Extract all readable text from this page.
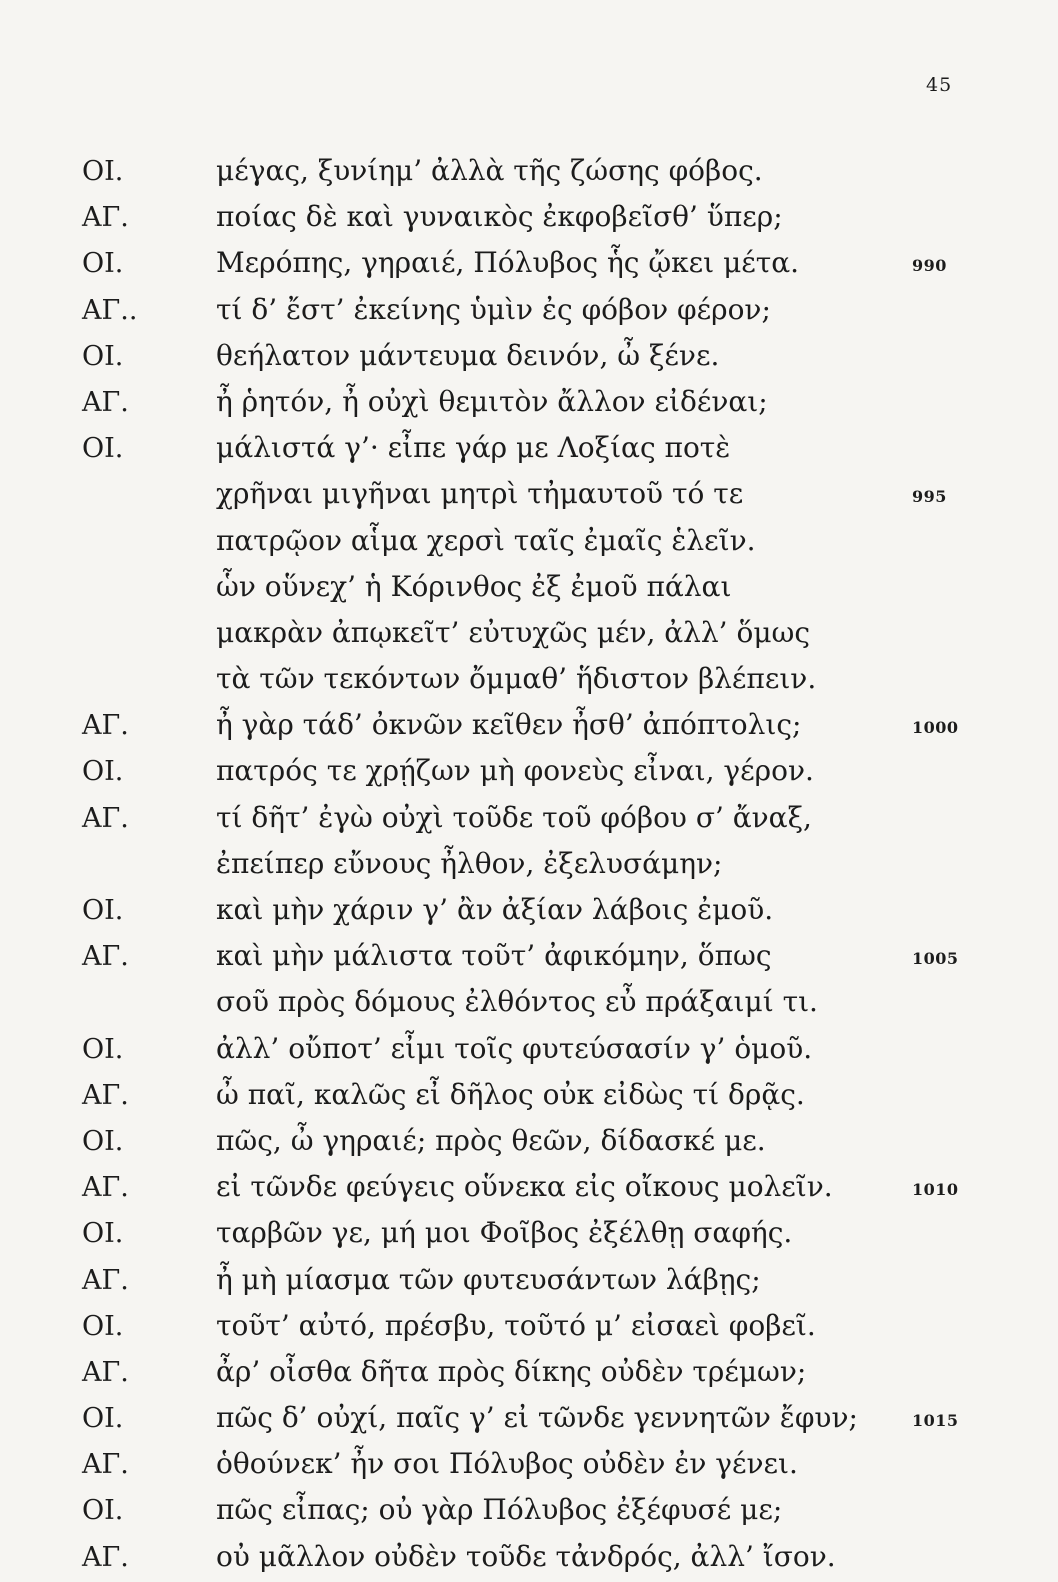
45
ΟΙ.	μέγας, ξυνίημ’ ἀλλὰ τῆς ζώσης φόβος.
ΑΓ.	ποίας δὲ καὶ γυναικὸς ἐκφοβεῖσθ’ ὕπερ;
ΟΙ.	Μερόπης, γηραιέ, Πόλυβος ἧς ᾤκει μέτα.	990
ΑΓ..	τί δ’ ἔστ’ ἐκείνης ὑμὶν ἐς φόβον φέρον;
ΟΙ.	θεήλατον μάντευμα δεινόν, ὦ ξένε.
ΑΓ.	ἦ ῥητόν, ἦ οὐχὶ θεμιτὸν ἄλλον εἰδέναι;
ΟΙ.	μάλιστά γ’· εἶπε γάρ με Λοξίας ποτὲ
χρῆναι μιγῆναι μητρὶ τἠμαυτοῦ τό τε	995
πατρῷον αἷμα χερσὶ ταῖς ἐμαῖς ἑλεῖν.
ὧν οὕνεχ’ ἡ Κόρινθος ἐξ ἐμοῦ πάλαι
μακρὰν ἀπῳκεῖτ’ εὐτυχῶς μέν, ἀλλ’ ὅμως
τὰ τῶν τεκόντων ὄμμαθ’ ἥδιστον βλέπειν.
ΑΓ.	ἦ γὰρ τάδ’ ὀκνῶν κεῖθεν ἦσθ’ ἀπόπτολις;	1000
ΟΙ.	πατρός τε χρῄζων μὴ φονεὺς εἶναι, γέρον.
ΑΓ.	τί δῆτ’ ἐγὼ οὐχὶ τοῦδε τοῦ φόβου σ’ ἄναξ,
ἐπείπερ εὔνους ἦλθον, ἐξελυσάμην;
ΟΙ.	καὶ μὴν χάριν γ’ ἂν ἀξίαν λάβοις ἐμοῦ.
ΑΓ.	καὶ μὴν μάλιστα τοῦτ’ ἀφικόμην, ὅπως	1005
σοῦ πρὸς δόμους ἐλθόντος εὖ πράξαιμί τι.
ΟΙ.	ἀλλ’ οὔποτ’ εἶμι τοῖς φυτεύσασίν γ’ ὁμοῦ.
ΑΓ.	ὦ παῖ, καλῶς εἶ δῆλος οὐκ εἰδὼς τί δρᾷς.
ΟΙ.	πῶς, ὦ γηραιέ; πρὸς θεῶν, δίδασκέ με.
ΑΓ.	εἰ τῶνδε φεύγεις οὕνεκα εἰς οἴκους μολεῖν.	1010
ΟΙ.	ταρβῶν γε, μή μοι Φοῖβος ἐξέλθῃ σαφής.
ΑΓ.	ἦ μὴ μίασμα τῶν φυτευσάντων λάβῃς;
ΟΙ.	τοῦτ’ αὐτό, πρέσβυ, τοῦτό μ’ εἰσαεὶ φοβεῖ.
ΑΓ.	ἆρ’ οἶσθα δῆτα πρὸς δίκης οὐδὲν τρέμων;
ΟΙ.	πῶς δ’ οὐχί, παῖς γ’ εἰ τῶνδε γεννητῶν ἔφυν;	1015
ΑΓ.	ὁθούνεκ’ ἦν σοι Πόλυβος οὐδὲν ἐν γένει.
ΟΙ.	πῶς εἶπας; οὐ γὰρ Πόλυβος ἐξέφυσέ με;
ΑΓ.	οὐ μᾶλλον οὐδὲν τοῦδε τἀνδρός, ἀλλ’ ἴσον.
